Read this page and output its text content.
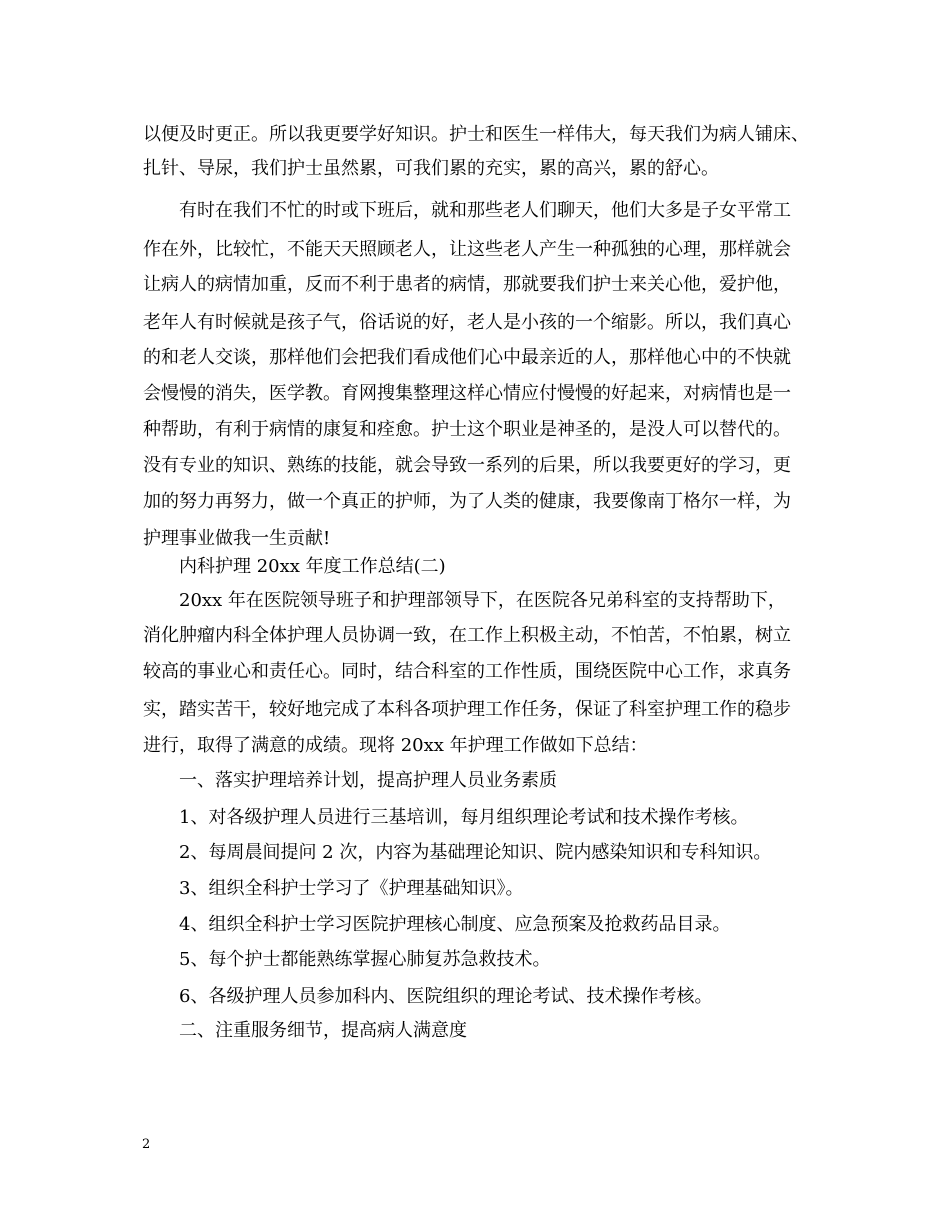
以便及时更正。所以我更要学好知识。护士和医生一样伟大，每天我们为病人铺床、
扎针、导尿，我们护士虽然累，可我们累的充实，累的高兴，累的舒心。
有时在我们不忙的时或下班后，就和那些老人们聊天，他们大多是子女平常工
作在外，比较忙，不能天天照顾老人，让这些老人产生一种孤独的心理，那样就会
让病人的病情加重，反而不利于患者的病情，那就要我们护士来关心他，爱护他，
老年人有时候就是孩子气，俗话说的好，老人是小孩的一个缩影。所以，我们真心
的和老人交谈，那样他们会把我们看成他们心中最亲近的人，那样他心中的不快就
会慢慢的消失，医学教。育网搜集整理这样心情应付慢慢的好起来，对病情也是一
种帮助，有利于病情的康复和痊愈。护士这个职业是神圣的，是没人可以替代的。
没有专业的知识、熟练的技能，就会导致一系列的后果，所以我要更好的学习，更
加的努力再努力，做一个真正的护师，为了人类的健康，我要像南丁格尔一样，为
护理事业做我一生贡献!
内科护理 20xx 年度工作总结(二)
20xx 年在医院领导班子和护理部领导下，在医院各兄弟科室的支持帮助下，
消化肿瘤内科全体护理人员协调一致，在工作上积极主动，不怕苦，不怕累，树立
较高的事业心和责任心。同时，结合科室的工作性质，围绕医院中心工作，求真务
实，踏实苦干，较好地完成了本科各项护理工作任务，保证了科室护理工作的稳步
进行，取得了满意的成绩。现将 20xx 年护理工作做如下总结：
一、落实护理培养计划，提高护理人员业务素质
1、对各级护理人员进行三基培训，每月组织理论考试和技术操作考核。
2、每周晨间提问 2 次，内容为基础理论知识、院内感染知识和专科知识。
3、组织全科护士学习了《护理基础知识》。
4、组织全科护士学习医院护理核心制度、应急预案及抢救药品目录。
5、每个护士都能熟练掌握心肺复苏急救技术。
6、各级护理人员参加科内、医院组织的理论考试、技术操作考核。
二、注重服务细节，提高病人满意度
2
